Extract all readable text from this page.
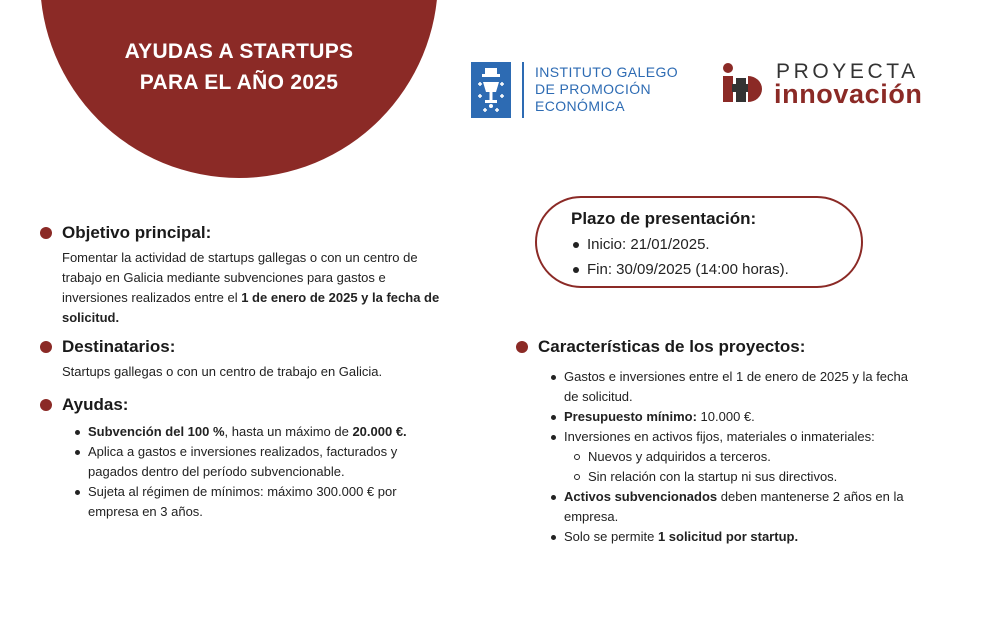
AYUDAS A STARTUPS
PARA EL AÑO 2025	INSTITUTO GALEGO
DE PROMOCIÓN
ECONÓMICA
PROYECTA
innovación
Objetivo principal:
Fomentar la actividad de startups gallegas o con un centro de trabajo en Galicia mediante subvenciones para gastos e inversiones realizados entre el 1 de enero de 2025 y la fecha de solicitud.
Destinatarios:
Startups gallegas o con un centro de trabajo en Galicia.
Ayudas:
Subvención del 100 %, hasta un máximo de 20.000 €.
Aplica a gastos e inversiones realizados, facturados y pagados dentro del período subvencionable.
Sujeta al régimen de mínimos: máximo 300.000 € por empresa en 3 años.
Plazo de presentación:
Inicio: 21/01/2025.
Fin: 30/09/2025 (14:00 horas).
Características de los proyectos:
Gastos e inversiones entre el 1 de enero de 2025 y la fecha de solicitud.
Presupuesto mínimo: 10.000 €.
Inversiones en activos fijos, materiales o inmateriales:
Nuevos y adquiridos a terceros.
Sin relación con la startup ni sus directivos.
Activos subvencionados deben mantenerse 2 años en la empresa.
Solo se permite 1 solicitud por startup.
